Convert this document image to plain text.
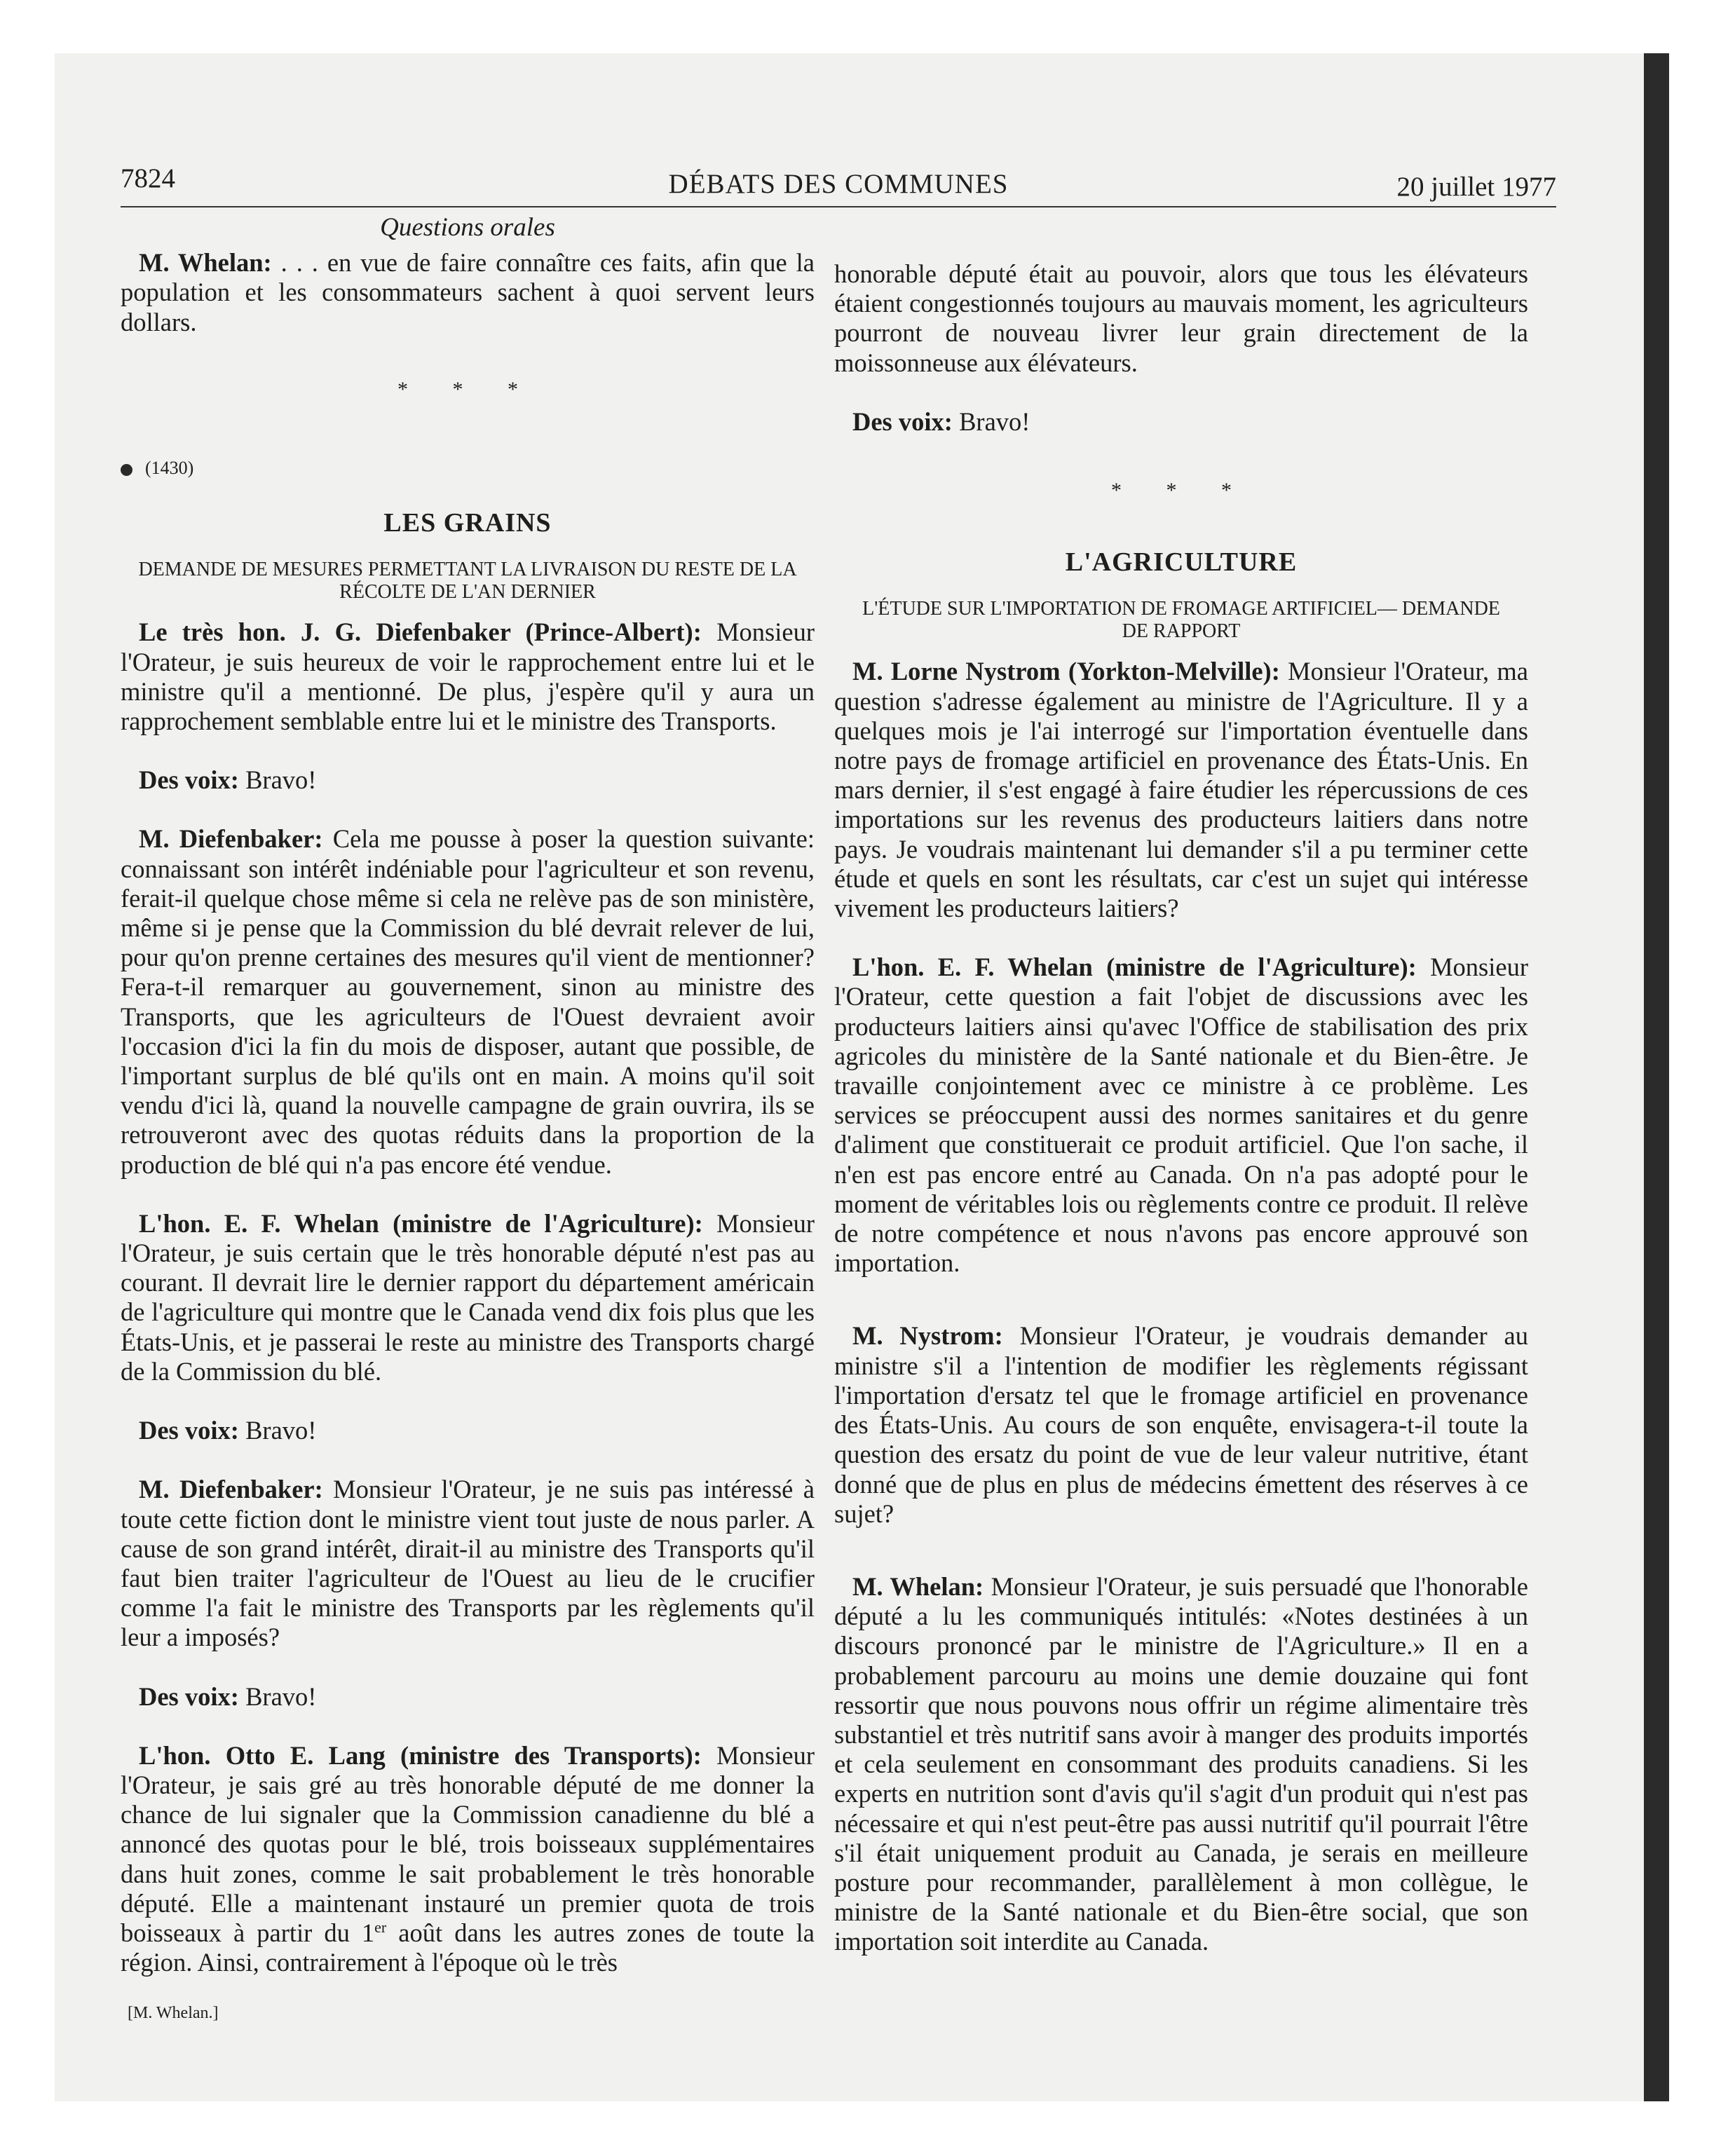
7824	DÉBATS DES COMMUNES	20 juillet 1977
Questions orales

M. Whelan: . . . en vue de faire connaître ces faits, afin que la population et les consommateurs sachent à quoi servent leurs dollars.

* * *
(1430)
LES GRAINS
DEMANDE DE MESURES PERMETTANT LA LIVRAISON DU RESTE DE LA RÉCOLTE DE L'AN DERNIER

Le très hon. J. G. Diefenbaker (Prince-Albert): Monsieur l'Orateur, je suis heureux de voir le rapprochement entre lui et le ministre qu'il a mentionné. De plus, j'espère qu'il y aura un rapprochement semblable entre lui et le ministre des Transports.

Des voix: Bravo!

M. Diefenbaker: Cela me pousse à poser la question suivante: connaissant son intérêt indéniable pour l'agriculteur et son revenu, ferait-il quelque chose même si cela ne relève pas de son ministère, même si je pense que la Commission du blé devrait relever de lui, pour qu'on prenne certaines des mesures qu'il vient de mentionner? Fera-t-il remarquer au gouvernement, sinon au ministre des Transports, que les agriculteurs de l'Ouest devraient avoir l'occasion d'ici la fin du mois de disposer, autant que possible, de l'important surplus de blé qu'ils ont en main. A moins qu'il soit vendu d'ici là, quand la nouvelle campagne de grain ouvrira, ils se retrouveront avec des quotas réduits dans la proportion de la production de blé qui n'a pas encore été vendue.

L'hon. E. F. Whelan (ministre de l'Agriculture): Monsieur l'Orateur, je suis certain que le très honorable député n'est pas au courant. Il devrait lire le dernier rapport du département américain de l'agriculture qui montre que le Canada vend dix fois plus que les États-Unis, et je passerai le reste au ministre des Transports chargé de la Commission du blé.

Des voix: Bravo!

M. Diefenbaker: Monsieur l'Orateur, je ne suis pas intéressé à toute cette fiction dont le ministre vient tout juste de nous parler. A cause de son grand intérêt, dirait-il au ministre des Transports qu'il faut bien traiter l'agriculteur de l'Ouest au lieu de le crucifier comme l'a fait le ministre des Transports par les règlements qu'il leur a imposés?

Des voix: Bravo!

L'hon. Otto E. Lang (ministre des Transports): Monsieur l'Orateur, je sais gré au très honorable député de me donner la chance de lui signaler que la Commission canadienne du blé a annoncé des quotas pour le blé, trois boisseaux supplémentaires dans huit zones, comme le sait probablement le très honorable député. Elle a maintenant instauré un premier quota de trois boisseaux à partir du 1er août dans les autres zones de toute la région. Ainsi, contrairement à l'époque où le très

[M. Whelan.]

honorable député était au pouvoir, alors que tous les élévateurs étaient congestionnés toujours au mauvais moment, les agriculteurs pourront de nouveau livrer leur grain directement de la moissonneuse aux élévateurs.

Des voix: Bravo!

* * *
L'AGRICULTURE
L'ÉTUDE SUR L'IMPORTATION DE FROMAGE ARTIFICIEL— DEMANDE DE RAPPORT

M. Lorne Nystrom (Yorkton-Melville): Monsieur l'Orateur, ma question s'adresse également au ministre de l'Agriculture. Il y a quelques mois je l'ai interrogé sur l'importation éventuelle dans notre pays de fromage artificiel en provenance des États-Unis. En mars dernier, il s'est engagé à faire étudier les répercussions de ces importations sur les revenus des producteurs laitiers dans notre pays. Je voudrais maintenant lui demander s'il a pu terminer cette étude et quels en sont les résultats, car c'est un sujet qui intéresse vivement les producteurs laitiers?

L'hon. E. F. Whelan (ministre de l'Agriculture): Monsieur l'Orateur, cette question a fait l'objet de discussions avec les producteurs laitiers ainsi qu'avec l'Office de stabilisation des prix agricoles du ministère de la Santé nationale et du Bien-être. Je travaille conjointement avec ce ministre à ce problème. Les services se préoccupent aussi des normes sanitaires et du genre d'aliment que constituerait ce produit artificiel. Que l'on sache, il n'en est pas encore entré au Canada. On n'a pas adopté pour le moment de véritables lois ou règlements contre ce produit. Il relève de notre compétence et nous n'avons pas encore approuvé son importation.

M. Nystrom: Monsieur l'Orateur, je voudrais demander au ministre s'il a l'intention de modifier les règlements régissant l'importation d'ersatz tel que le fromage artificiel en provenance des États-Unis. Au cours de son enquête, envisagera-t-il toute la question des ersatz du point de vue de leur valeur nutritive, étant donné que de plus en plus de médecins émettent des réserves à ce sujet?

M. Whelan: Monsieur l'Orateur, je suis persuadé que l'honorable député a lu les communiqués intitulés: «Notes destinées à un discours prononcé par le ministre de l'Agriculture.» Il en a probablement parcouru au moins une demie douzaine qui font ressortir que nous pouvons nous offrir un régime alimentaire très substantiel et très nutritif sans avoir à manger des produits importés et cela seulement en consommant des produits canadiens. Si les experts en nutrition sont d'avis qu'il s'agit d'un produit qui n'est pas nécessaire et qui n'est peut-être pas aussi nutritif qu'il pourrait l'être s'il était uniquement produit au Canada, je serais en meilleure posture pour recommander, parallèlement à mon collègue, le ministre de la Santé nationale et du Bien-être social, que son importation soit interdite au Canada.
